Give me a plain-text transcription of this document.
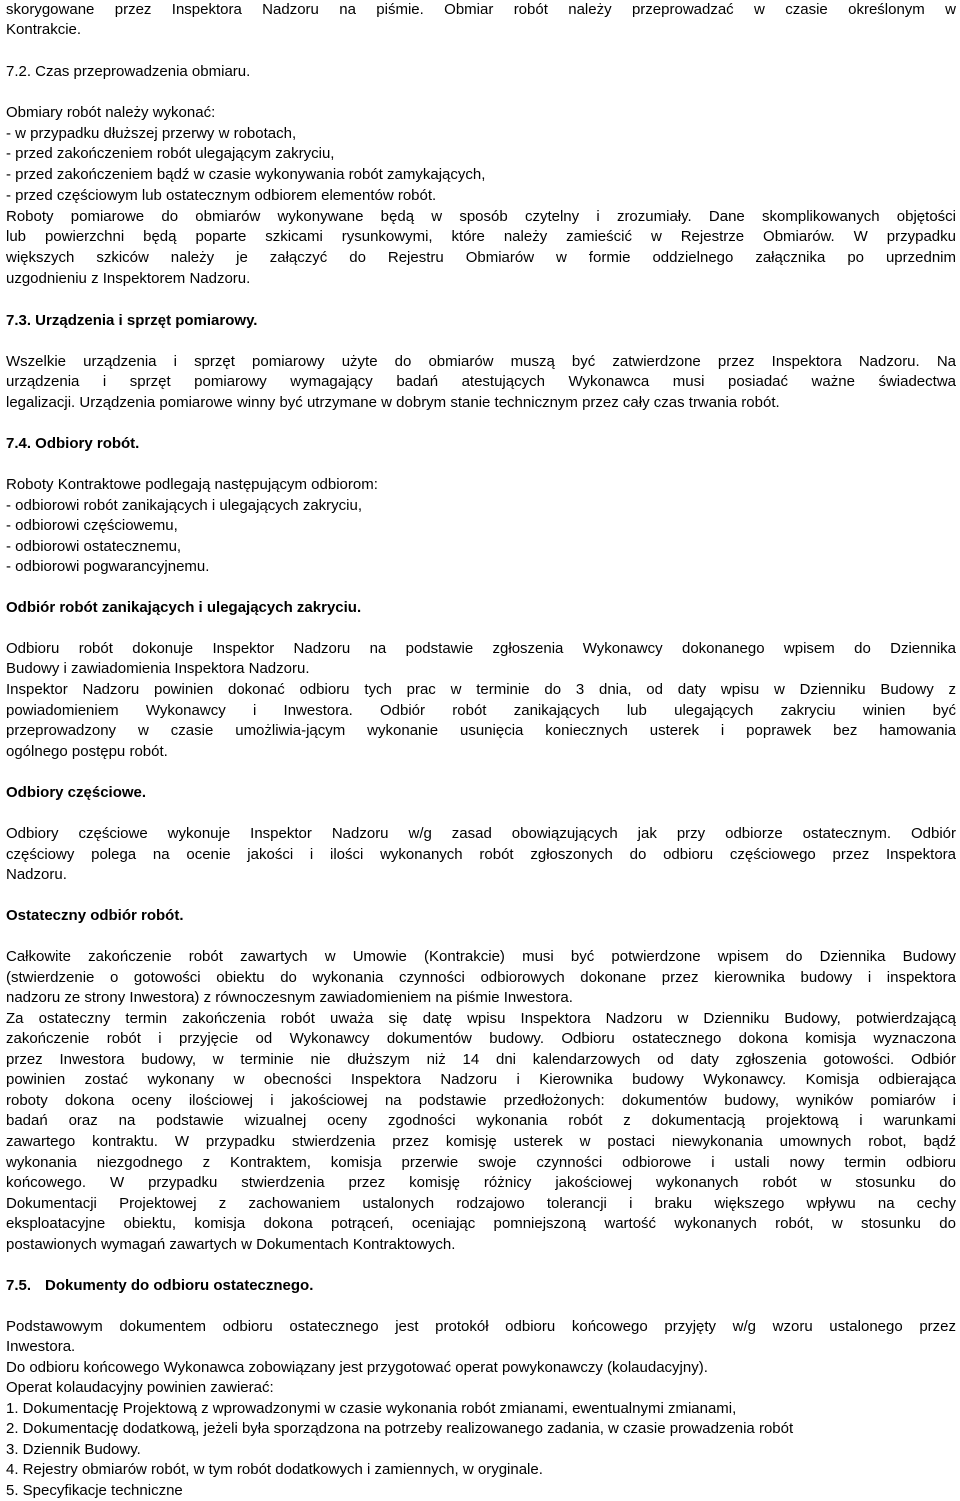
skorygowane przez Inspektora Nadzoru na piśmie. Obmiar robót należy przeprowadzać w czasie określonym w
Kontrakcie.
7.2. Czas przeprowadzenia obmiaru.
Obmiary robót należy wykonać:
- w przypadku dłuższej przerwy w robotach,
- przed zakończeniem robót ulegającym zakryciu,
- przed zakończeniem bądź w czasie wykonywania robót zamykających,
- przed częściowym lub ostatecznym odbiorem elementów robót.
Roboty pomiarowe do obmiarów wykonywane będą w sposób czytelny i zrozumiały. Dane skomplikowanych objętości
lub powierzchni będą poparte szkicami rysunkowymi, które należy zamieścić w Rejestrze Obmiarów. W przypadku
większych szkiców należy je załączyć do Rejestru Obmiarów w formie oddzielnego załącznika po uprzednim
uzgodnieniu z Inspektorem Nadzoru.
7.3. Urządzenia i sprzęt pomiarowy.
Wszelkie urządzenia i sprzęt pomiarowy użyte do obmiarów muszą być zatwierdzone przez Inspektora Nadzoru. Na
urządzenia i sprzęt pomiarowy wymagający badań atestujących Wykonawca musi posiadać ważne świadectwa
legalizacji. Urządzenia pomiarowe winny być utrzymane w dobrym stanie technicznym przez cały czas trwania robót.
7.4. Odbiory robót.
Roboty Kontraktowe podlegają następującym odbiorom:
- odbiorowi robót zanikających i ulegających zakryciu,
- odbiorowi częściowemu,
- odbiorowi ostatecznemu,
- odbiorowi pogwarancyjnemu.
Odbiór robót zanikających i ulegających zakryciu.
Odbioru robót dokonuje Inspektor Nadzoru na podstawie zgłoszenia Wykonawcy dokonanego wpisem do Dziennika
Budowy i zawiadomienia Inspektora Nadzoru.
Inspektor Nadzoru powinien dokonać odbioru tych prac w terminie do 3 dnia, od daty wpisu w Dzienniku Budowy z
powiadomieniem Wykonawcy i Inwestora. Odbiór robót zanikających lub ulegających zakryciu winien być
przeprowadzony w czasie umożliwia-jącym wykonanie usunięcia koniecznych usterek i poprawek bez hamowania
ogólnego postępu robót.
Odbiory częściowe.
Odbiory częściowe wykonuje Inspektor Nadzoru w/g zasad obowiązujących jak przy odbiorze ostatecznym. Odbiór
częściowy polega na ocenie jakości i ilości wykonanych robót zgłoszonych do odbioru częściowego przez Inspektora
Nadzoru.
Ostateczny odbiór robót.
Całkowite zakończenie robót zawartych w Umowie (Kontrakcie) musi być potwierdzone wpisem do Dziennika Budowy
(stwierdzenie o gotowości obiektu do wykonania czynności odbiorowych dokonane przez kierownika budowy i inspektora
nadzoru ze strony Inwestora) z równoczesnym zawiadomieniem na piśmie Inwestora.
Za ostateczny termin zakończenia robót uważa się datę wpisu Inspektora Nadzoru w Dzienniku Budowy, potwierdzającą
zakończenie robót i przyjęcie od Wykonawcy dokumentów budowy. Odbioru ostatecznego dokona komisja wyznaczona
przez Inwestora budowy, w terminie nie dłuższym niż 14 dni kalendarzowych od daty zgłoszenia gotowości. Odbiór
powinien zostać wykonany w obecności Inspektora Nadzoru i Kierownika budowy Wykonawcy. Komisja odbierająca
roboty dokona oceny ilościowej i jakościowej na podstawie przedłożonych: dokumentów budowy, wyników pomiarów i
badań oraz na podstawie wizualnej oceny zgodności wykonania robót z dokumentacją projektową i warunkami
zawartego kontraktu. W przypadku stwierdzenia przez komisję usterek w postaci niewykonania umownych robot, bądź
wykonania niezgodnego z Kontraktem, komisja przerwie swoje czynności odbiorowe i ustali nowy termin odbioru
końcowego. W przypadku stwierdzenia przez komisję różnicy jakościowej wykonanych robót w stosunku do
Dokumentacji Projektowej z zachowaniem ustalonych rodzajowo tolerancji i braku większego wpływu na cechy
eksploatacyjne obiektu, komisja dokona potrąceń, oceniając pomniejszoną wartość wykonanych robót, w stosunku do
postawionych wymagań zawartych w Dokumentach Kontraktowych.
7.5. Dokumenty do odbioru ostatecznego.
Podstawowym dokumentem odbioru ostatecznego jest protokół odbioru końcowego przyjęty w/g wzoru ustalonego przez
Inwestora.
Do odbioru końcowego Wykonawca zobowiązany jest przygotować operat powykonawczy (kolaudacyjny).
Operat kolaudacyjny powinien zawierać:
1. Dokumentację Projektową z wprowadzonymi w czasie wykonania robót zmianami, ewentualnymi zmianami,
2. Dokumentację dodatkową, jeżeli była sporządzona na potrzeby realizowanego zadania, w czasie prowadzenia robót
3. Dziennik Budowy.
4. Rejestry obmiarów robót, w tym robót dodatkowych i zamiennych, w oryginale.
5. Specyfikacje techniczne
